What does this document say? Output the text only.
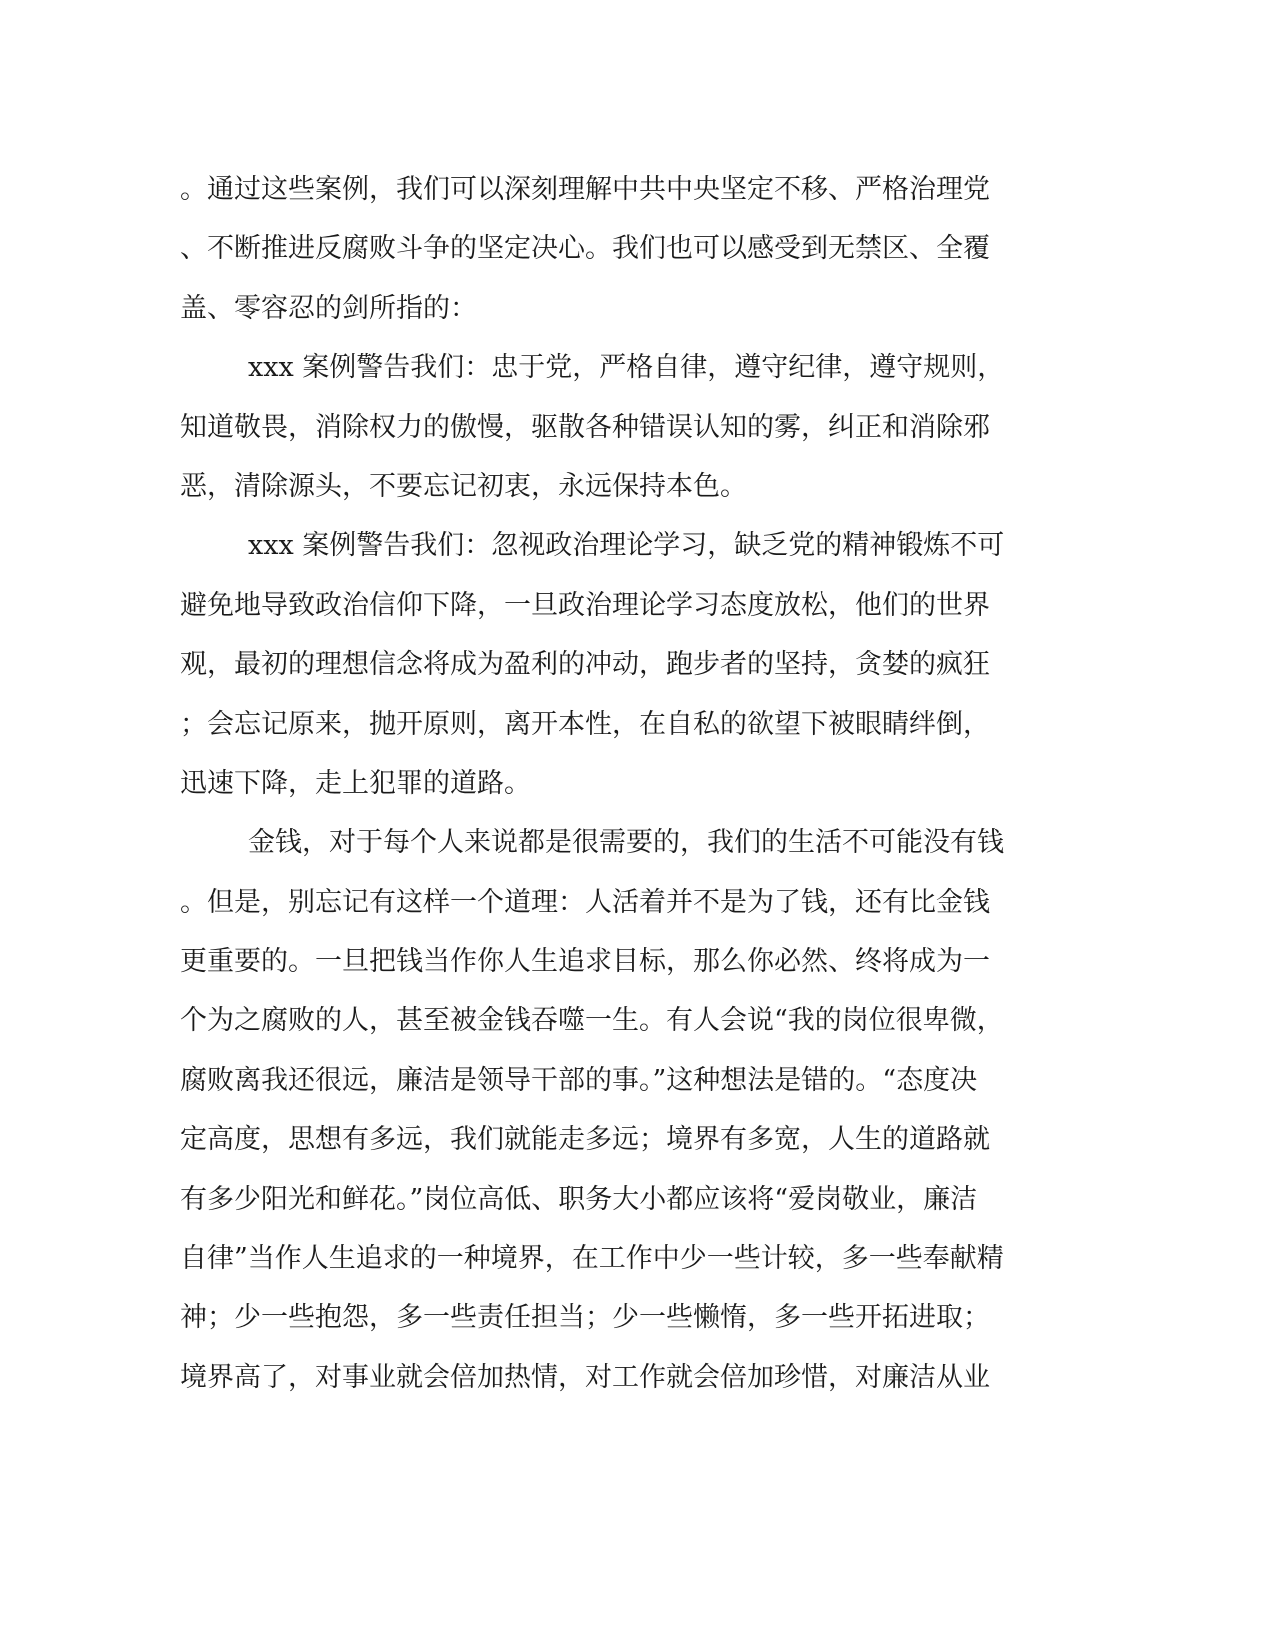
。通过这些案例，我们可以深刻理解中共中央坚定不移、严格治理党
、不断推进反腐败斗争的坚定决心。我们也可以感受到无禁区、全覆
盖、零容忍的剑所指的：
xxx 案例警告我们：忠于党，严格自律，遵守纪律，遵守规则，
知道敬畏，消除权力的傲慢，驱散各种错误认知的雾，纠正和消除邪
恶，清除源头，不要忘记初衷，永远保持本色。
xxx 案例警告我们：忽视政治理论学习，缺乏党的精神锻炼不可
避免地导致政治信仰下降，一旦政治理论学习态度放松，他们的世界
观，最初的理想信念将成为盈利的冲动，跑步者的坚持，贪婪的疯狂
；会忘记原来，抛开原则，离开本性，在自私的欲望下被眼睛绊倒，
迅速下降，走上犯罪的道路。
金钱，对于每个人来说都是很需要的，我们的生活不可能没有钱
。但是，别忘记有这样一个道理：人活着并不是为了钱，还有比金钱
更重要的。一旦把钱当作你人生追求目标，那么你必然、终将成为一
个为之腐败的人，甚至被金钱吞噬一生。有人会说“我的岗位很卑微，
腐败离我还很远，廉洁是领导干部的事。”这种想法是错的。“态度决
定高度，思想有多远，我们就能走多远；境界有多宽，人生的道路就
有多少阳光和鲜花。”岗位高低、职务大小都应该将“爱岗敬业，廉洁
自律”当作人生追求的一种境界，在工作中少一些计较，多一些奉献精
神；少一些抱怨，多一些责任担当；少一些懒惰，多一些开拓进取；
境界高了，对事业就会倍加热情，对工作就会倍加珍惜，对廉洁从业
